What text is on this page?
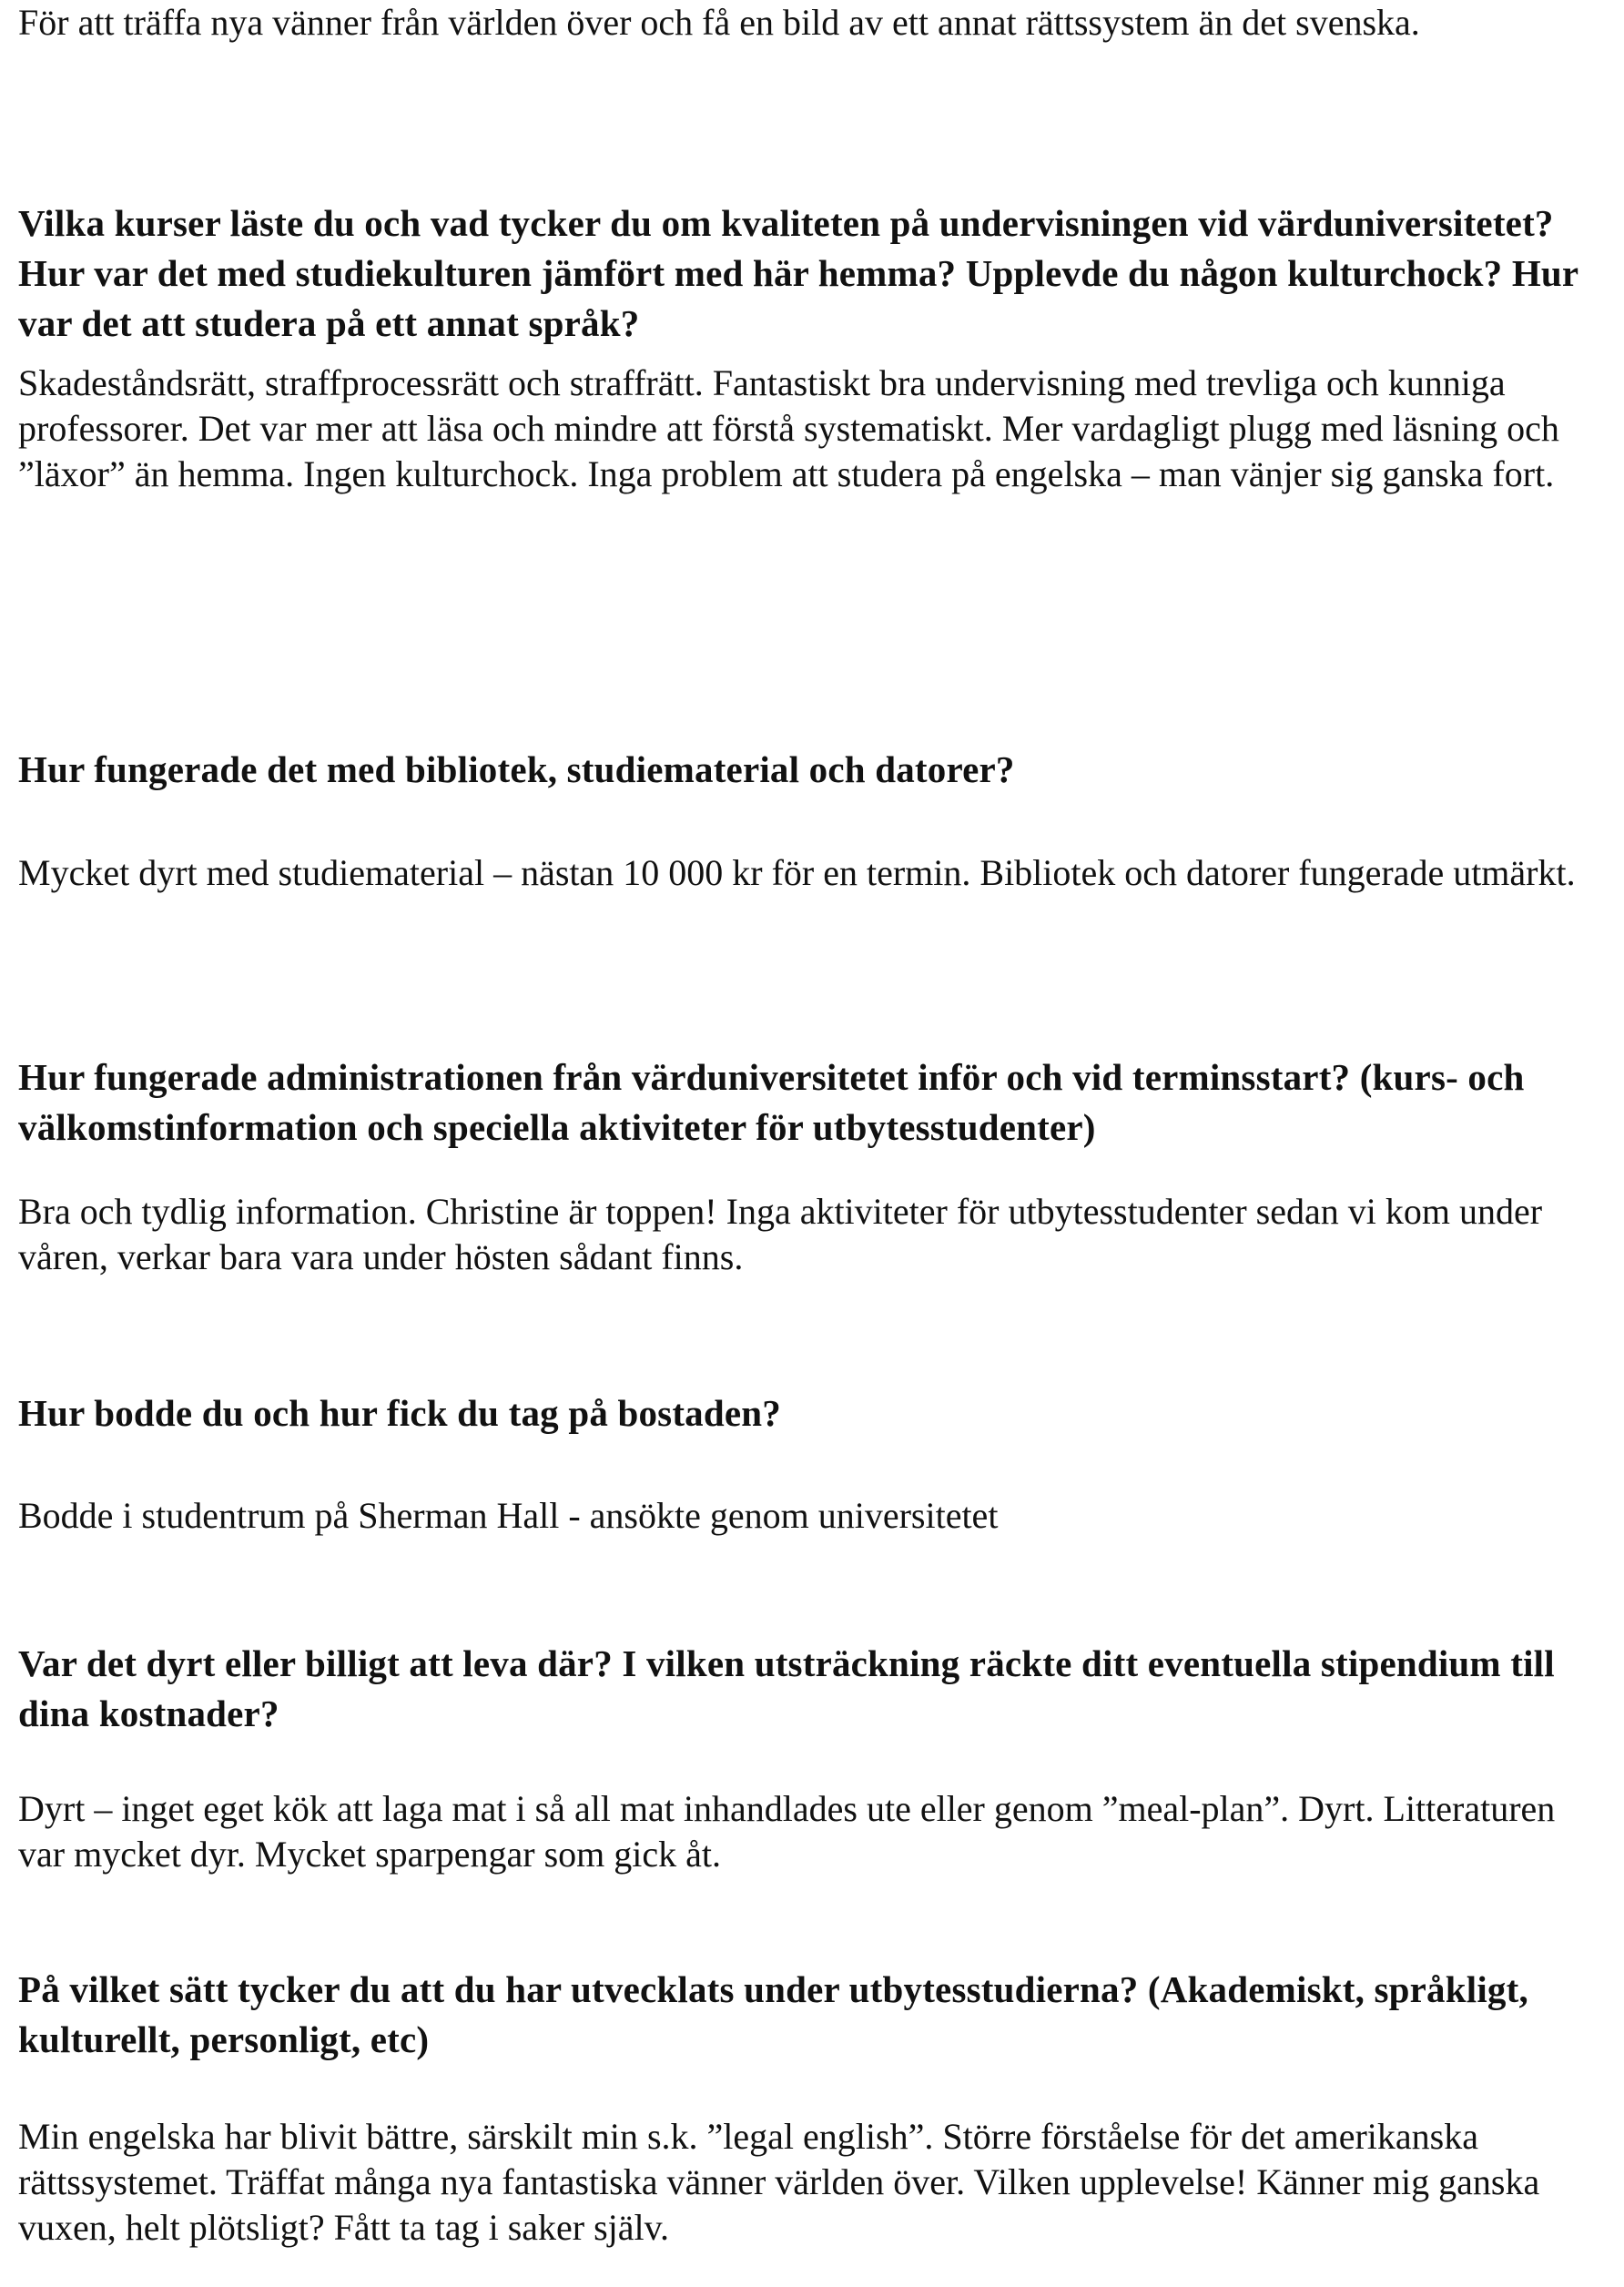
För att träffa nya vänner från världen över och få en bild av ett annat rättssystem än det svenska.

Vilka kurser läste du och vad tycker du om kvaliteten på undervisningen vid värduniversitetet? Hur var det med studiekulturen jämfört med här hemma? Upplevde du någon kulturchock? Hur var det att studera på ett annat språk?

Skadeståndsrätt, straffprocessrätt och straffrätt. Fantastiskt bra undervisning med trevliga och kunniga professorer. Det var mer att läsa och mindre att förstå systematiskt. Mer vardagligt plugg med läsning och ”läxor” än hemma. Ingen kulturchock. Inga problem att studera på engelska – man vänjer sig ganska fort.

Hur fungerade det med bibliotek, studiematerial och datorer?

Mycket dyrt med studiematerial – nästan 10 000 kr för en termin. Bibliotek och datorer fungerade utmärkt.

Hur fungerade administrationen från värduniversitetet inför och vid terminsstart? (kurs- och välkomstinformation och speciella aktiviteter för utbytesstudenter)

Bra och tydlig information. Christine är toppen! Inga aktiviteter för utbytesstudenter sedan vi kom under våren, verkar bara vara under hösten sådant finns.

Hur bodde du och hur fick du tag på bostaden?

Bodde i studentrum på Sherman Hall - ansökte genom universitetet

Var det dyrt eller billigt att leva där? I vilken utsträckning räckte ditt eventuella stipendium till dina kostnader?

Dyrt – inget eget kök att laga mat i så all mat inhandlades ute eller genom ”meal-plan”. Dyrt. Litteraturen var mycket dyr. Mycket sparpengar som gick åt.

På vilket sätt tycker du att du har utvecklats under utbytesstudierna? (Akademiskt, språkligt, kulturellt, personligt, etc)

Min engelska har blivit bättre, särskilt min s.k. ”legal english”. Större förståelse för det amerikanska rättssystemet. Träffat många nya fantastiska vänner världen över. Vilken upplevelse! Känner mig ganska vuxen, helt plötsligt? Fått ta tag i saker själv.
